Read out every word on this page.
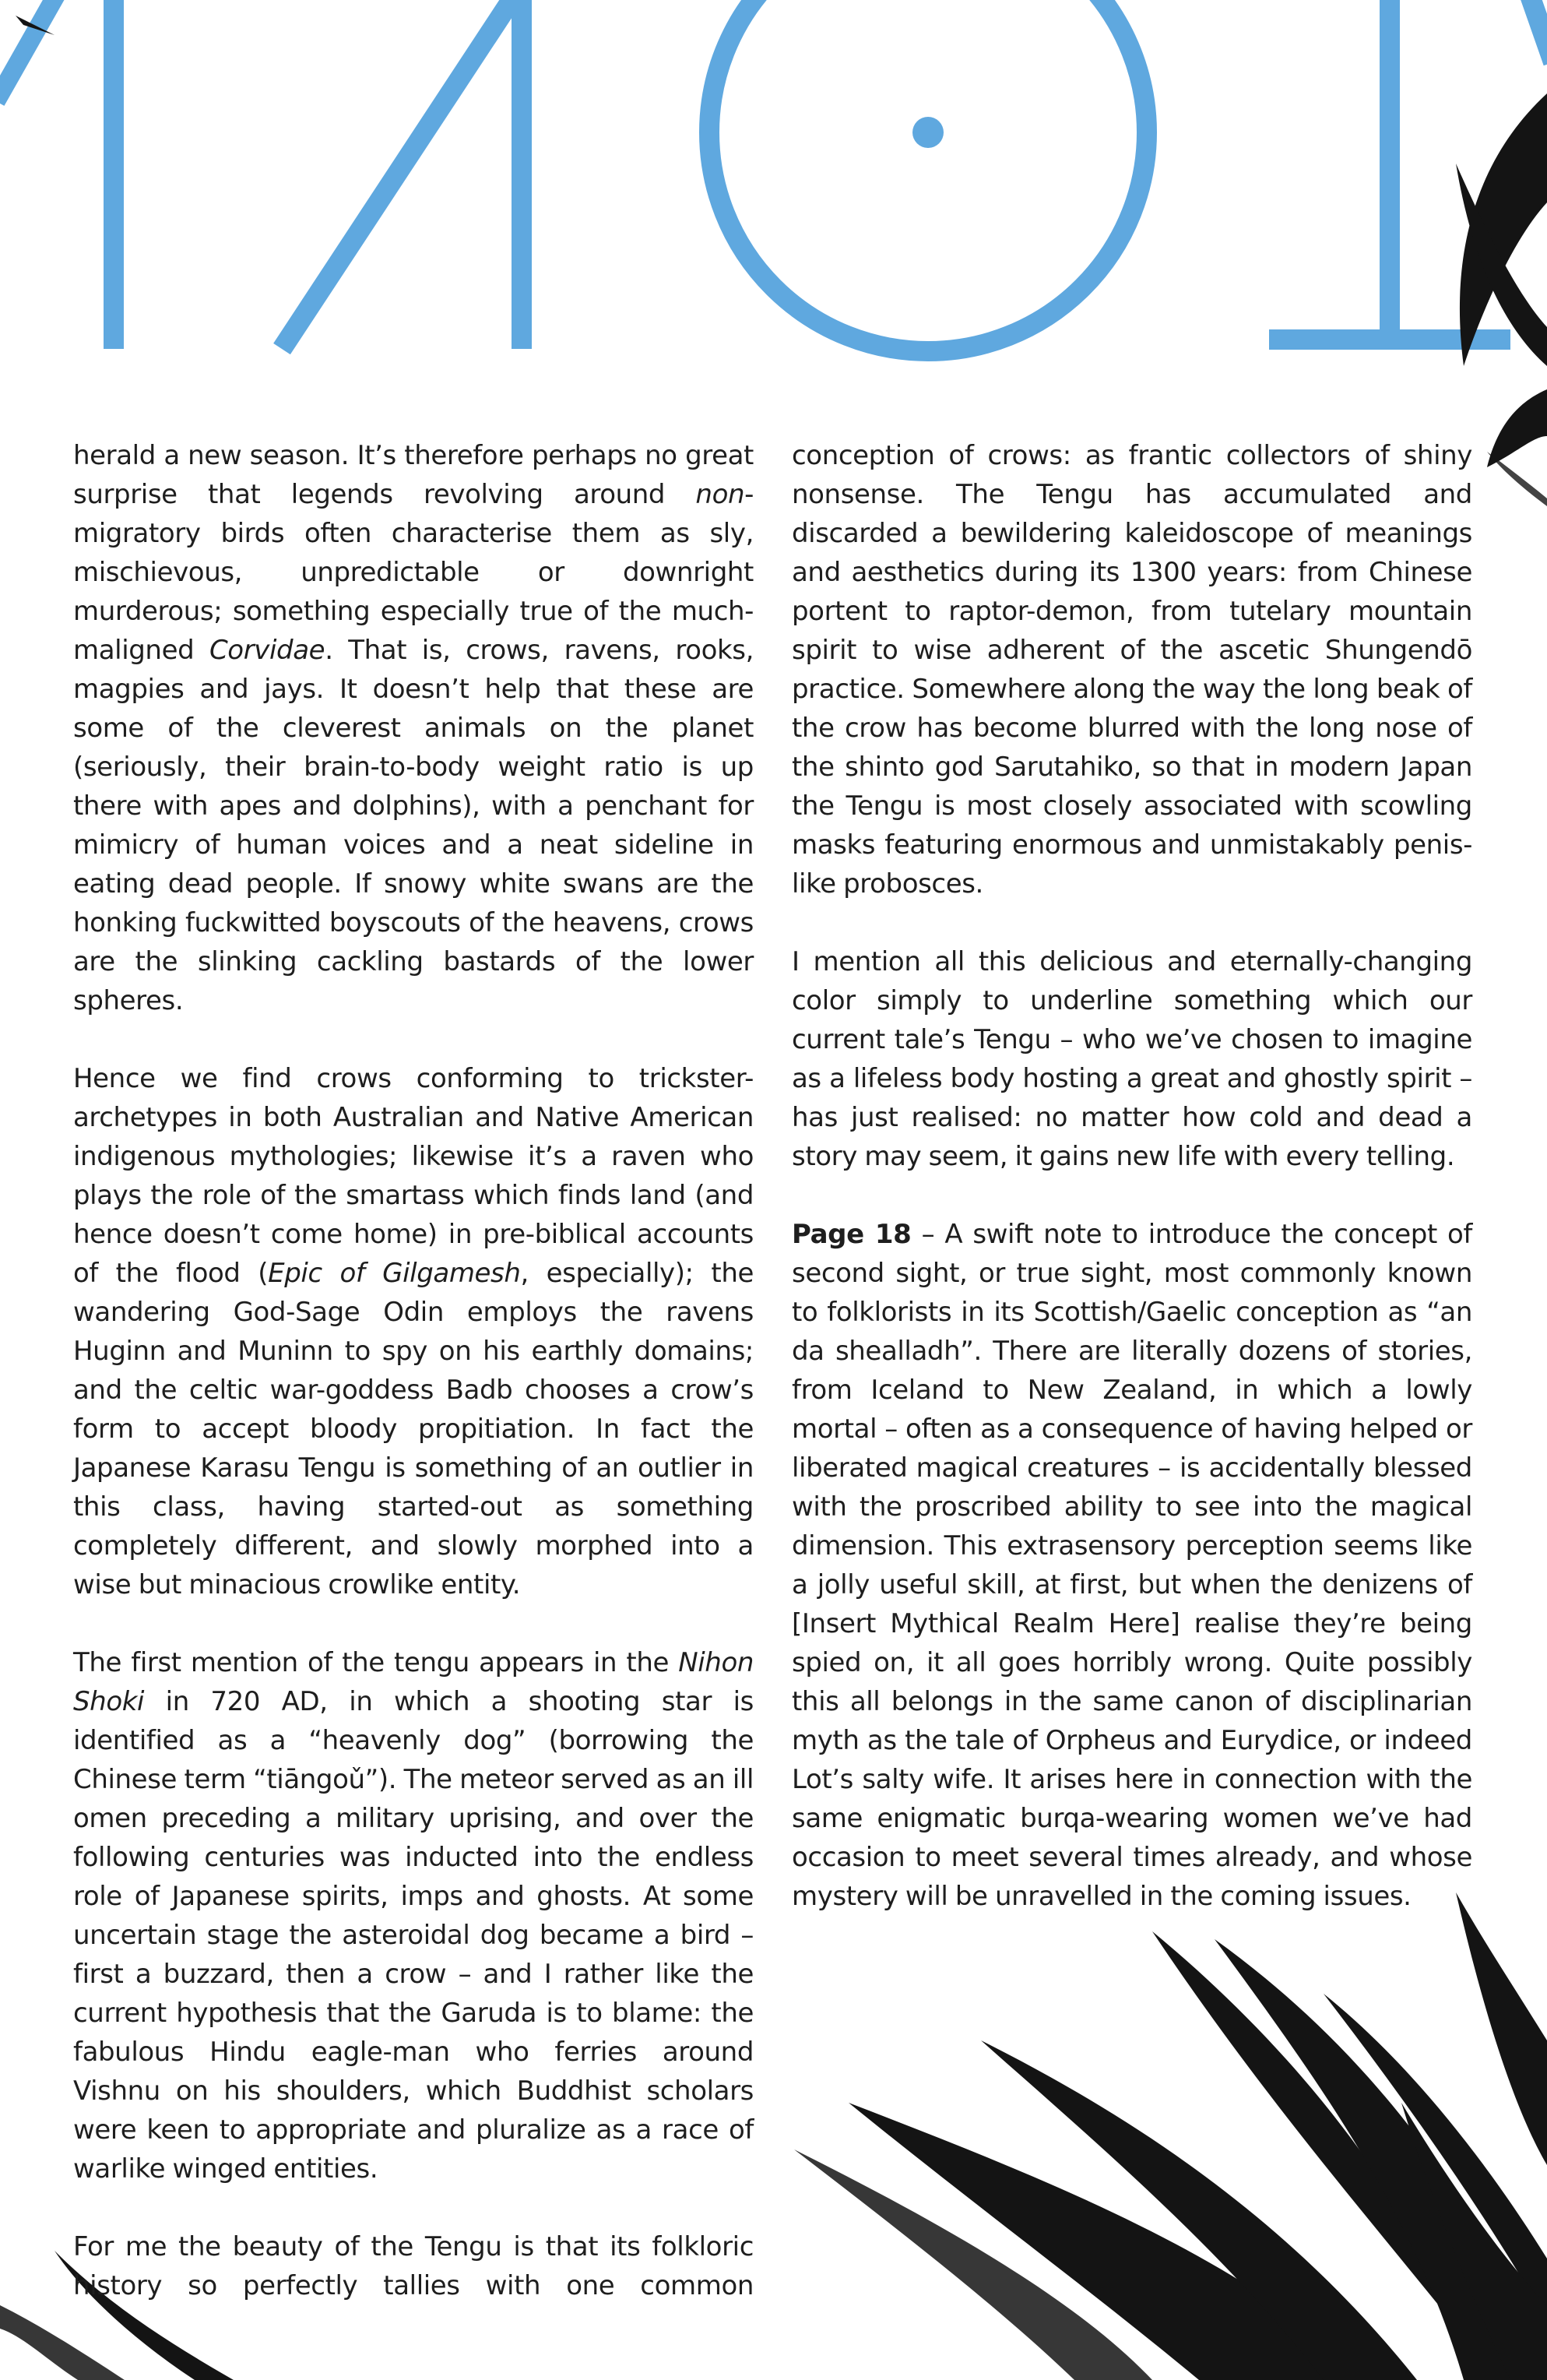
herald a new season. It’s therefore perhaps no great surprise that legends revolving around non-migratory birds often characterise them as sly, mischievous, unpredictable or downright murderous; something especially true of the much-maligned Corvidae. That is, crows, ravens, rooks, magpies and jays. It doesn’t help that these are some of the cleverest animals on the planet (seriously, their brain-to-body weight ratio is up there with apes and dolphins), with a penchant for mimicry of human voices and a neat sideline in eating dead people. If snowy white swans are the honking fuckwitted boyscouts of the heavens, crows are the slinking cackling bastards of the lower spheres.

Hence we find crows conforming to trickster-archetypes in both Australian and Native American indigenous mythologies; likewise it’s a raven who plays the role of the smartass which finds land (and hence doesn’t come home) in pre-biblical accounts of the flood (Epic of Gilgamesh, especially); the wandering God-Sage Odin employs the ravens Huginn and Muninn to spy on his earthly domains; and the celtic war-goddess Badb chooses a crow’s form to accept bloody propitiation. In fact the Japanese Karasu Tengu is something of an outlier in this class, having started-out as something completely different, and slowly morphed into a wise but minacious crowlike entity.

The first mention of the tengu appears in the Nihon Shoki in 720 AD, in which a shooting star is identified as a “heavenly dog” (borrowing the Chinese term “tiāngoǔ”). The meteor served as an ill omen preceding a military uprising, and over the following centuries was inducted into the endless role of Japanese spirits, imps and ghosts. At some uncertain stage the asteroidal dog became a bird – first a buzzard, then a crow – and I rather like the current hypothesis that the Garuda is to blame: the fabulous Hindu eagle-man who ferries around Vishnu on his shoulders, which Buddhist scholars were keen to appropriate and pluralize as a race of warlike winged entities.

For me the beauty of the Tengu is that its folkloric history so perfectly tallies with one common

conception of crows: as frantic collectors of shiny nonsense. The Tengu has accumulated and discarded a bewildering kaleidoscope of meanings and aesthetics during its 1300 years: from Chinese portent to raptor-demon, from tutelary mountain spirit to wise adherent of the ascetic Shungendō practice. Somewhere along the way the long beak of the crow has become blurred with the long nose of the shinto god Sarutahiko, so that in modern Japan the Tengu is most closely associated with scowling masks featuring enormous and unmistakably penis-like probosces.

I mention all this delicious and eternally-changing color simply to underline something which our current tale’s Tengu – who we’ve chosen to imagine as a lifeless body hosting a great and ghostly spirit – has just realised: no matter how cold and dead a story may seem, it gains new life with every telling.

Page 18 – A swift note to introduce the concept of second sight, or true sight, most commonly known to folklorists in its Scottish/Gaelic conception as “an da shealladh”. There are literally dozens of stories, from Iceland to New Zealand, in which a lowly mortal – often as a consequence of having helped or liberated magical creatures – is accidentally blessed with the proscribed ability to see into the magical dimension. This extrasensory perception seems like a jolly useful skill, at first, but when the denizens of [Insert Mythical Realm Here] realise they’re being spied on, it all goes horribly wrong. Quite possibly this all belongs in the same canon of disciplinarian myth as the tale of Orpheus and Eurydice, or indeed Lot’s salty wife. It arises here in connection with the same enigmatic burqa-wearing women we’ve had occasion to meet several times already, and whose mystery will be unravelled in the coming issues.
